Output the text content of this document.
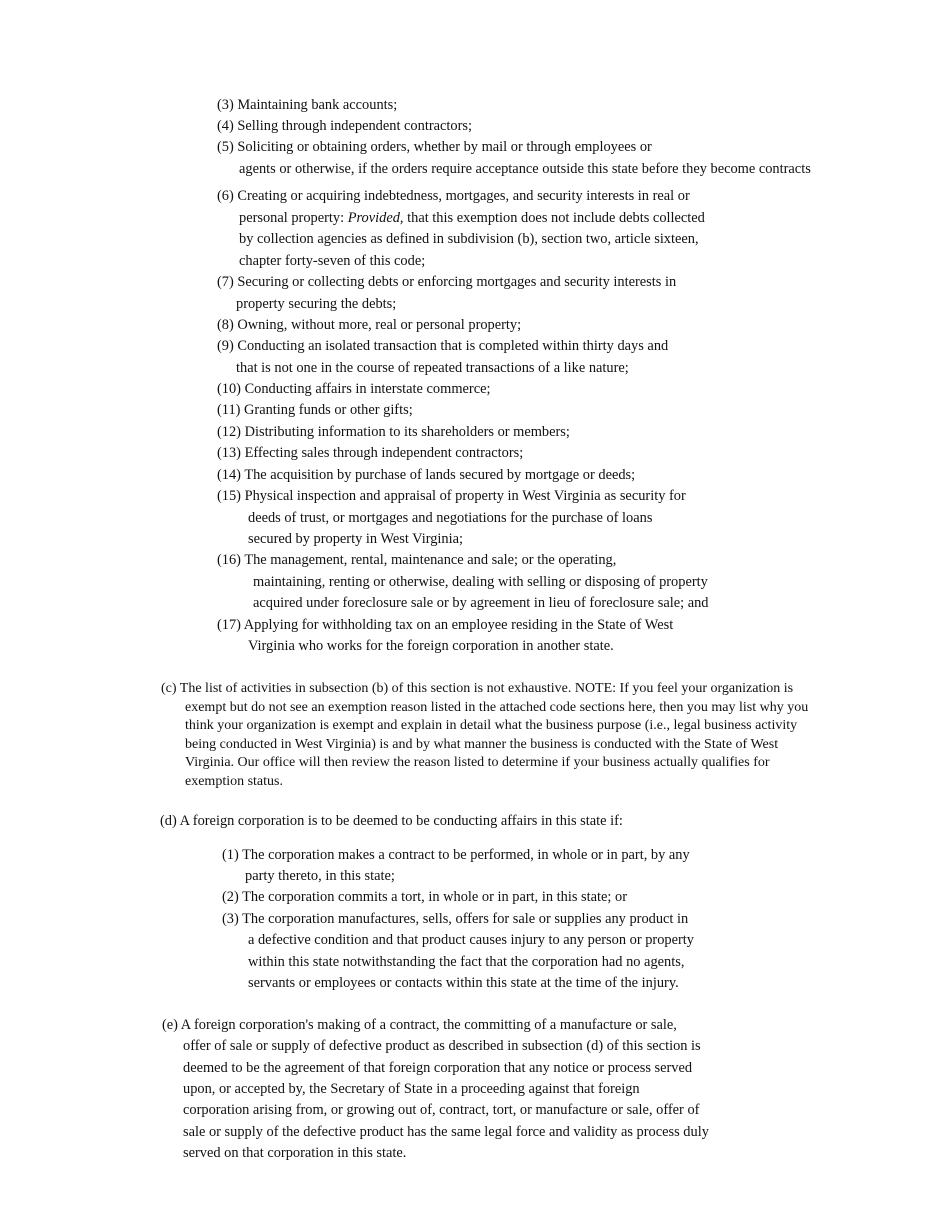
(3) Maintaining bank accounts;
(4) Selling through independent contractors;
(5) Soliciting or obtaining orders, whether by mail or through employees or
agents or otherwise, if the orders require acceptance outside this state before they become contracts
(6) Creating or acquiring indebtedness, mortgages, and security interests in real or
personal property: Provided, that this exemption does not include debts collected
by collection agencies as defined in subdivision (b), section two, article sixteen,
chapter forty-seven of this code;
(7) Securing or collecting debts or enforcing mortgages and security interests in
property securing the debts;
(8) Owning, without more, real or personal property;
(9) Conducting an isolated transaction that is completed within thirty days and
that is not one in the course of repeated transactions of a like nature;
(10) Conducting affairs in interstate commerce;
(11) Granting funds or other gifts;
(12) Distributing information to its shareholders or members;
(13) Effecting sales through independent contractors;
(14) The acquisition by purchase of lands secured by mortgage or deeds;
(15) Physical inspection and appraisal of property in West Virginia as security for
deeds of trust, or mortgages and negotiations for the purchase of loans
secured by property in West Virginia;
(16) The management, rental, maintenance and sale; or the operating,
maintaining, renting or otherwise, dealing with selling or disposing of property
acquired under foreclosure sale or by agreement in lieu of foreclosure sale; and
(17) Applying for withholding tax on an employee residing in the State of West
Virginia who works for the foreign corporation in another state.
(c) The list of activities in subsection (b) of this section is not exhaustive. NOTE: If you feel your organization is
exempt but do not see an exemption reason listed in the attached code sections here, then you may list why you
think your organization is exempt and explain in detail what the business purpose (i.e., legal business activity
being conducted in West Virginia) is and by what manner the business is conducted with the State of West
Virginia. Our office will then review the reason listed to determine if your business actually qualifies for
exemption status.
(d) A foreign corporation is to be deemed to be conducting affairs in this state if:
(1) The corporation makes a contract to be performed, in whole or in part, by any
party thereto, in this state;
(2) The corporation commits a tort, in whole or in part, in this state; or
(3) The corporation manufactures, sells, offers for sale or supplies any product in
a defective condition and that product causes injury to any person or property
within this state notwithstanding the fact that the corporation had no agents,
servants or employees or contacts within this state at the time of the injury.
(e) A foreign corporation's making of a contract, the committing of a manufacture or sale,
offer of sale or supply of defective product as described in subsection (d) of this section is
deemed to be the agreement of that foreign corporation that any notice or process served
upon, or accepted by, the Secretary of State in a proceeding against that foreign
corporation arising from, or growing out of, contract, tort, or manufacture or sale, offer of
sale or supply of the defective product has the same legal force and validity as process duly
served on that corporation in this state.
